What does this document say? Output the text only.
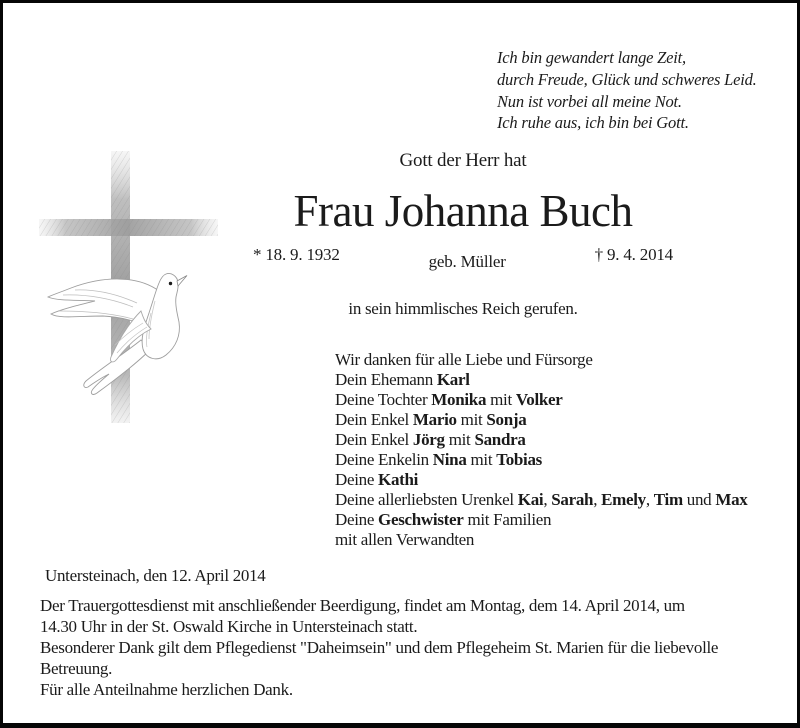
Ich bin gewandert lange Zeit,
durch Freude, Glück und schweres Leid.
Nun ist vorbei all meine Not.
Ich ruhe aus, ich bin bei Gott.
Gott der Herr hat
Frau Johanna Buch
* 18. 9. 1932	geb. Müller	† 9. 4. 2014
in sein himmlisches Reich gerufen.
Wir danken für alle Liebe und Fürsorge
Dein Ehemann Karl
Deine Tochter Monika mit Volker
Dein Enkel Mario mit Sonja
Dein Enkel Jörg mit Sandra
Deine Enkelin Nina mit Tobias
Deine Kathi
Deine allerliebsten Urenkel Kai, Sarah, Emely, Tim und Max
Deine Geschwister mit Familien
mit allen Verwandten
Untersteinach, den 12. April 2014
Der Trauergottesdienst mit anschließender Beerdigung, findet am Montag, dem 14. April 2014, um
14.30 Uhr in der St. Oswald Kirche in Untersteinach statt.
Besonderer Dank gilt dem Pflegedienst "Daheimsein" und dem Pflegeheim St. Marien für die liebevolle
Betreuung.
Für alle Anteilnahme herzlichen Dank.
